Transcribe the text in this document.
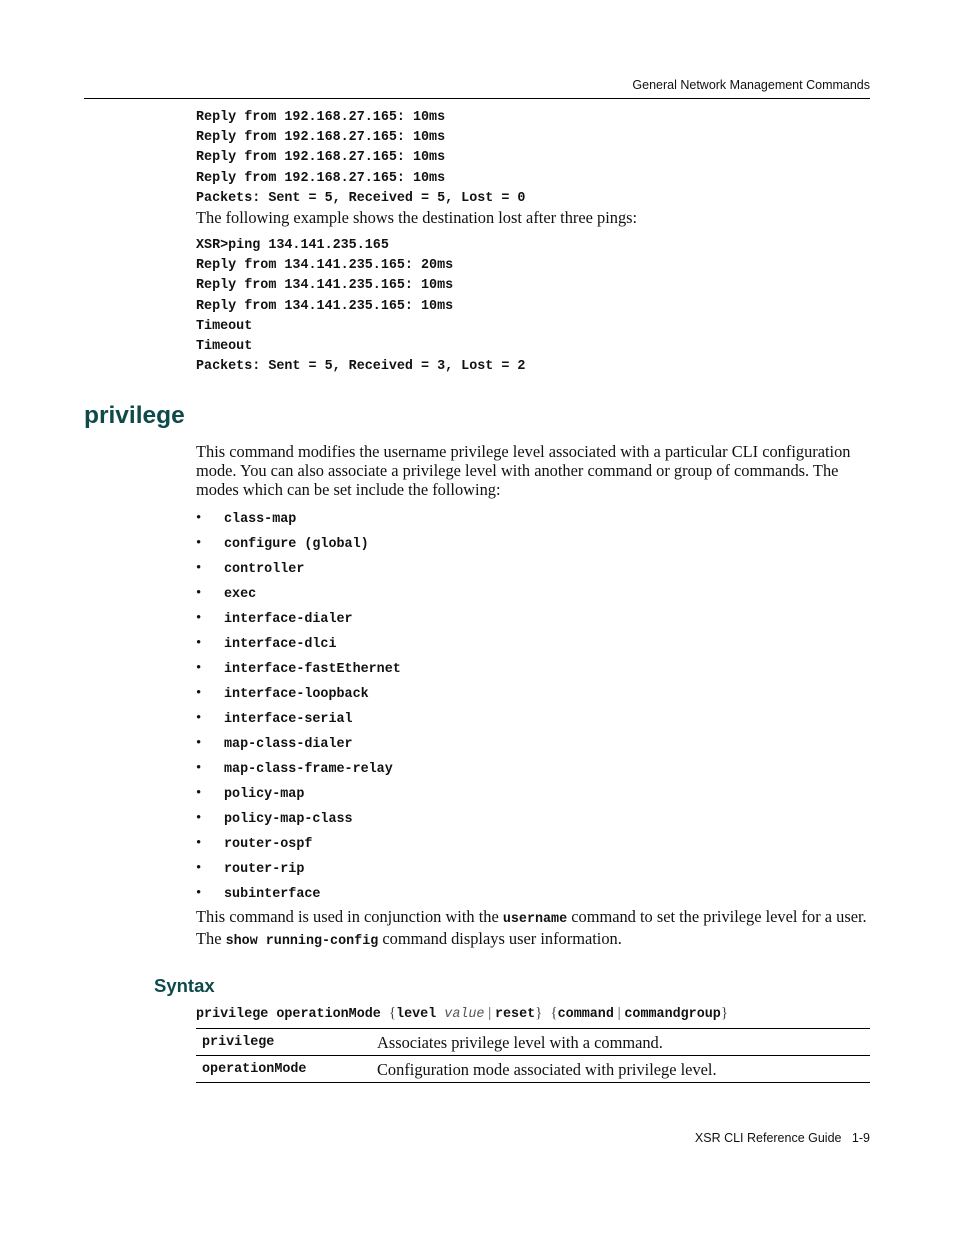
General Network Management Commands
Reply from 192.168.27.165: 10ms
Reply from 192.168.27.165: 10ms
Reply from 192.168.27.165: 10ms
Reply from 192.168.27.165: 10ms
Packets: Sent = 5, Received = 5, Lost = 0
The following example shows the destination lost after three pings:
XSR>ping 134.141.235.165
Reply from 134.141.235.165: 20ms
Reply from 134.141.235.165: 10ms
Reply from 134.141.235.165: 10ms
Timeout
Timeout
Packets: Sent = 5, Received = 3, Lost = 2
privilege
This command modifies the username privilege level associated with a particular CLI configuration mode. You can also associate a privilege level with another command or group of commands. The modes which can be set include the following:
• class-map
• configure (global)
• controller
• exec
• interface-dialer
• interface-dlci
• interface-fastEthernet
• interface-loopback
• interface-serial
• map-class-dialer
• map-class-frame-relay
• policy-map
• policy-map-class
• router-ospf
• router-rip
• subinterface
This command is used in conjunction with the username command to set the privilege level for a user. The show running-config command displays user information.
Syntax
privilege operationMode {level value | reset} {command | commandgroup}
privilege	Associates privilege level with a command.
operationMode	Configuration mode associated with privilege level.
XSR CLI Reference Guide 1-9
